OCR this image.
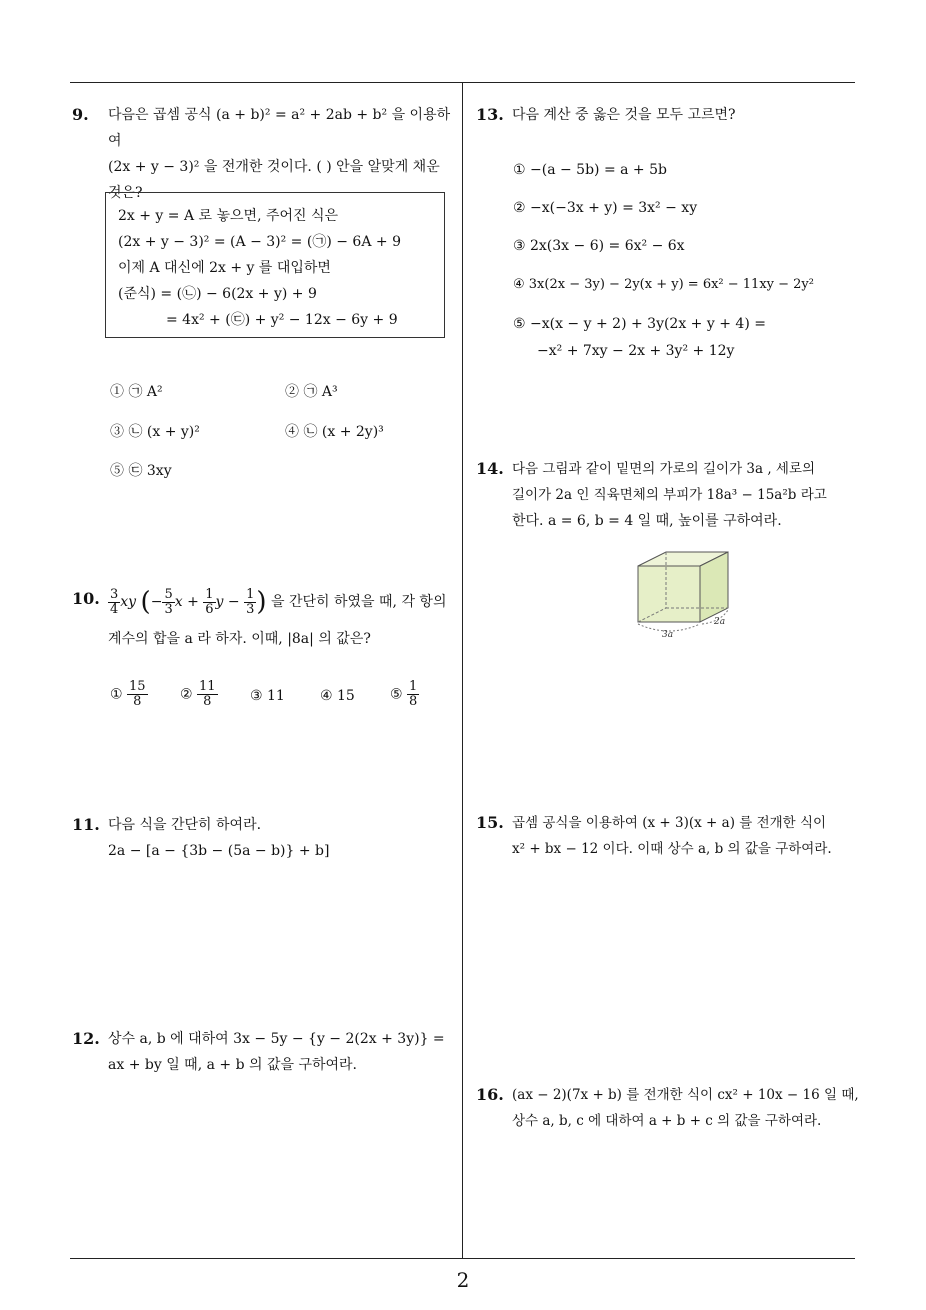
9. 다음은 곱셈 공식 (a + b)² = a² + 2ab + b² 을 이용하여
(2x + y − 3)² 을 전개한 것이다. ( ) 안을 알맞게 채운
것은?
2x + y = A 로 놓으면, 주어진 식은
(2x + y − 3)² = (A − 3)² = (㉠) − 6A + 9
이제 A 대신에 2x + y 를 대입하면
(준식) = (㉡) − 6(2x + y) + 9
= 4x² + (㉢) + y² − 12x − 6y + 9
① ㉠ A²	② ㉠ A³
③ ㉡ (x + y)²	④ ㉡ (x + 2y)³
⑤ ㉢ 3xy
10. $\frac{3}{4}$ xy (− $\frac{5}{3}$ $x + \frac{1}{6}$ $y - \frac{1}{3}$ ) 을 간단히 하였을 때, 각 항의
계수의 합을 a 라 하자. 이때, |8a| 의 값은?
① $\frac{15}{8}$ ② $\frac{11}{8}$ ③ 11	④ 15	⑤ $\frac{1}{8}$
11. 다음 식을 간단히 하여라.
2a − [a − {3b − (5a − b)} + b]
12. 상수 a, b 에 대하여 3x − 5y − {y − 2(2x + 3y)} =
ax + by 일 때, a + b 의 값을 구하여라.
13. 다음 계산 중 옳은 것을 모두 고르면?
① −(a − 5b) = a + 5b
② −x(−3x + y) = 3x² − xy
③ 2x(3x − 6) = 6x² − 6x
④ 3x(2x − 3y) − 2y(x + y) = 6x² − 11xy − 2y²
⑤ −x(x − y + 2) + 3y(2x + y + 4) =
−x² + 7xy − 2x + 3y² + 12y
14. 다음 그림과 같이 밑면의 가로의 길이가 3a , 세로의
길이가 2a 인 직육면체의 부피가 18a³ − 15a²b 라고
한다. a = 6, b = 4 일 때, 높이를 구하여라.
3a
2a
15. 곱셈 공식을 이용하여 (x + 3)(x + a) 를 전개한 식이
x² + bx − 12 이다. 이때 상수 a, b 의 값을 구하여라.
16. (ax − 2)(7x + b) 를 전개한 식이 cx² + 10x − 16 일 때,
상수 a, b, c 에 대하여 a + b + c 의 값을 구하여라.
2
